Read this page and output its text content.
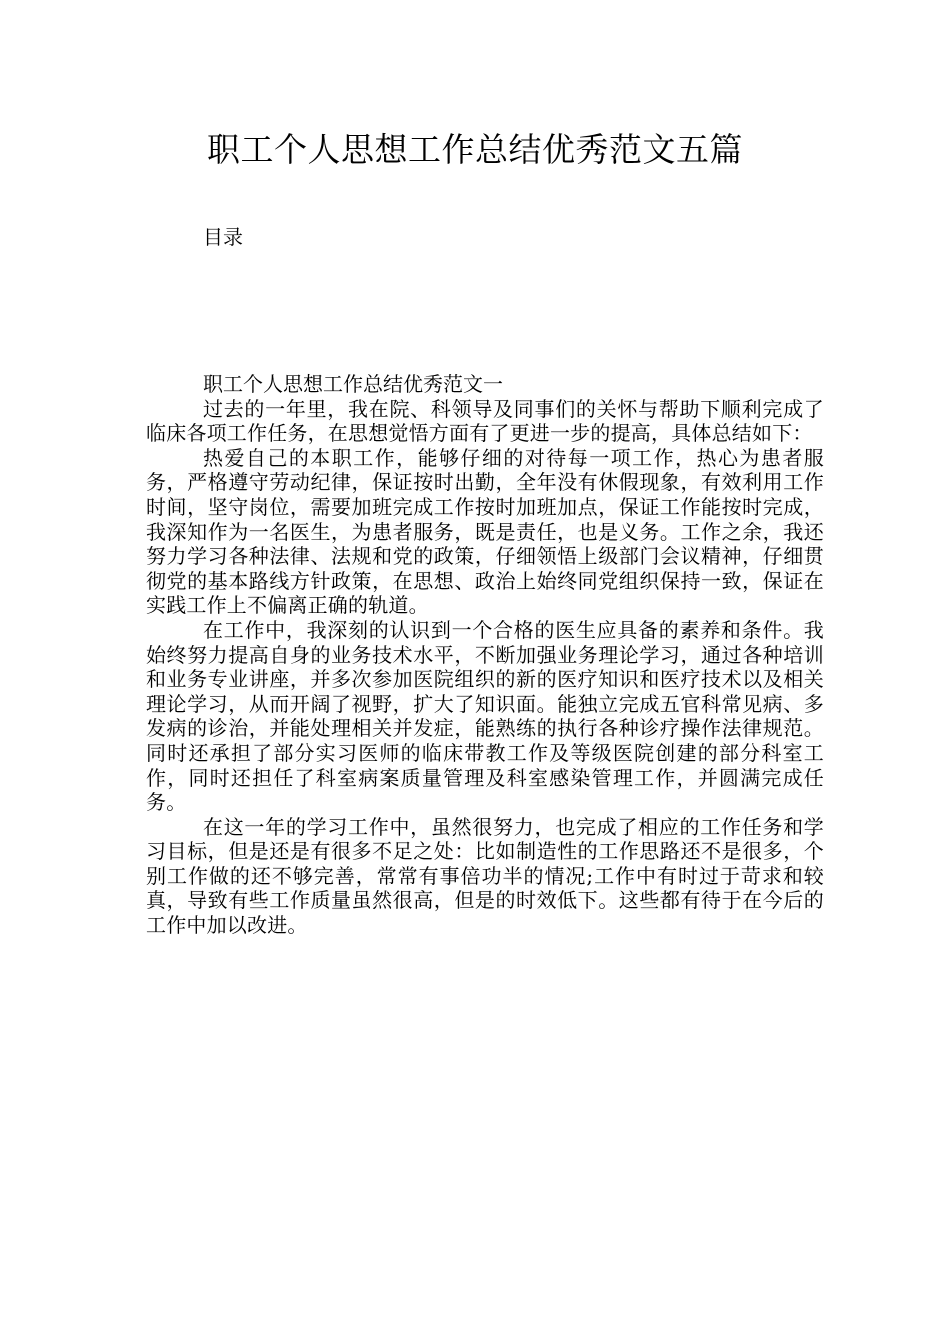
职工个人思想工作总结优秀范文五篇

目录

职工个人思想工作总结优秀范文一

过去的一年里，我在院、科领导及同事们的关怀与帮助下顺利完成了临床各项工作任务，在思想觉悟方面有了更进一步的提高，具体总结如下：

热爱自己的本职工作，能够仔细的对待每一项工作，热心为患者服务，严格遵守劳动纪律，保证按时出勤，全年没有休假现象，有效利用工作时间，坚守岗位，需要加班完成工作按时加班加点，保证工作能按时完成，我深知作为一名医生，为患者服务，既是责任，也是义务。工作之余，我还努力学习各种法律、法规和党的政策，仔细领悟上级部门会议精神，仔细贯彻党的基本路线方针政策，在思想、政治上始终同党组织保持一致，保证在实践工作上不偏离正确的轨道。

在工作中，我深刻的认识到一个合格的医生应具备的素养和条件。我始终努力提高自身的业务技术水平，不断加强业务理论学习，通过各种培训和业务专业讲座，并多次参加医院组织的新的医疗知识和医疗技术以及相关理论学习，从而开阔了视野，扩大了知识面。能独立完成五官科常见病、多发病的诊治，并能处理相关并发症，能熟练的执行各种诊疗操作法律规范。同时还承担了部分实习医师的临床带教工作及等级医院创建的部分科室工作，同时还担任了科室病案质量管理及科室感染管理工作，并圆满完成任务。

在这一年的学习工作中，虽然很努力，也完成了相应的工作任务和学习目标，但是还是有很多不足之处：比如制造性的工作思路还不是很多，个别工作做的还不够完善，常常有事倍功半的情况;工作中有时过于苛求和较真，导致有些工作质量虽然很高，但是的时效低下。这些都有待于在今后的工作中加以改进。
